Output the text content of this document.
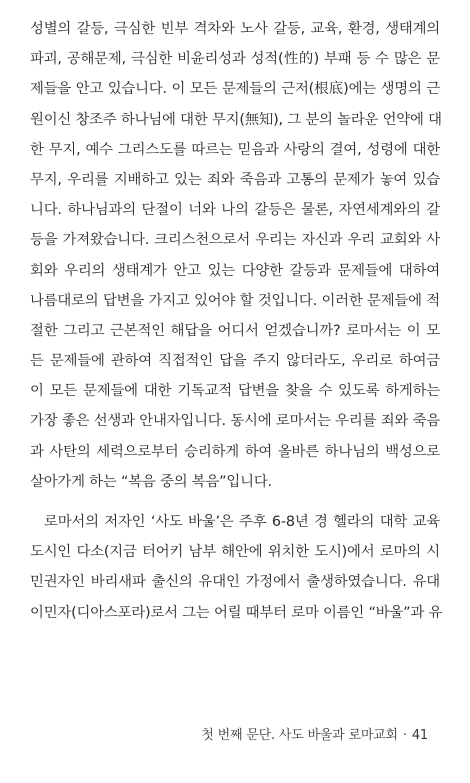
성별의 갈등, 극심한 빈부 격차와 노사 갈등, 교육, 환경, 생태계의
파괴, 공해문제, 극심한 비윤리성과 성적(性的) 부패 등 수 많은 문
제들을 안고 있습니다. 이 모든 문제들의 근저(根底)에는 생명의 근
원이신 창조주 하나님에 대한 무지(無知), 그 분의 놀라운 언약에 대
한 무지, 예수 그리스도를 따르는 믿음과 사랑의 결여, 성령에 대한
무지, 우리를 지배하고 있는 죄와 죽음과 고통의 문제가 놓여 있습
니다. 하나님과의 단절이 너와 나의 갈등은 물론, 자연세계와의 갈
등을 가져왔습니다. 크리스천으로서 우리는 자신과 우리 교회와 사
회와 우리의 생태계가 안고 있는 다양한 갈등과 문제들에 대하여
나름대로의 답변을 가지고 있어야 할 것입니다. 이러한 문제들에 적
절한 그리고 근본적인 해답을 어디서 얻겠습니까? 로마서는 이 모
든 문제들에 관하여 직접적인 답을 주지 않더라도, 우리로 하여금
이 모든 문제들에 대한 기독교적 답변을 찾을 수 있도록 하게하는
가장 좋은 선생과 안내자입니다. 동시에 로마서는 우리를 죄와 죽음
과 사탄의 세력으로부터 승리하게 하여 올바른 하나님의 백성으로
살아가게 하는 “복음 중의 복음”입니다.
로마서의 저자인 ‘사도 바울’은 주후 6-8년 경 헬라의 대학 교육
도시인 다소(지금 터어키 남부 해안에 위치한 도시)에서 로마의 시
민권자인 바리새파 출신의 유대인 가정에서 출생하였습니다. 유대
이민자(디아스포라)로서 그는 어릴 때부터 로마 이름인 “바울”과 유
첫 번째 문단. 사도 바울과 로마교회 · 41
